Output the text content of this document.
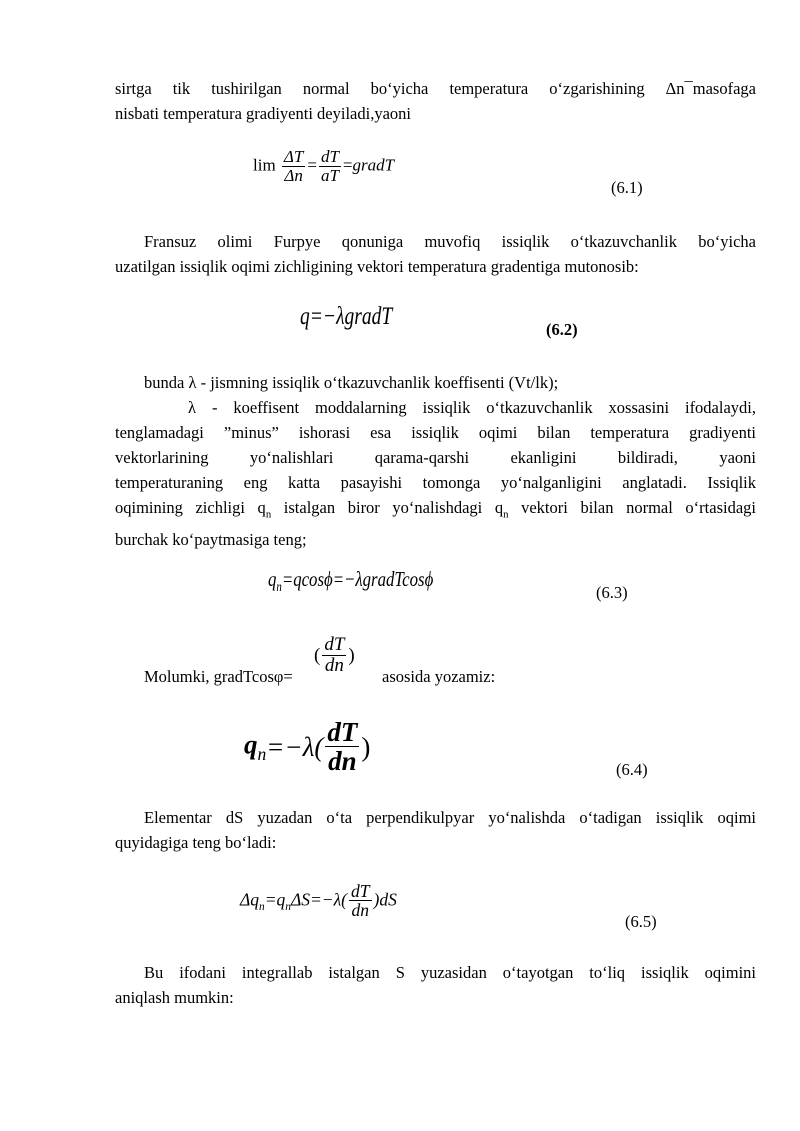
sirtga tik tushirilgan normal bo‘yicha temperatura o‘zgarishining Δn¯masofaga
nisbati temperatura gradiyenti deyiladi,yaoni
$\lim \frac{\Delta T}{\Delta n} = \frac{dT}{aT}$ =gradT
(6.1)
Fransuz olimi Furpye qonuniga muvofiq issiqlik o‘tkazuvchanlik bo‘yicha
uzatilgan issiqlik oqimi zichligining vektori temperatura gradentiga mutonosib:
q=−λgradT	(6.2)
bunda λ - jismning issiqlik o‘tkazuvchanlik koeffisenti (Vt/lk);
λ - koeffisent moddalarning issiqlik o‘tkazuvchanlik xossasini ifodalaydi,
tenglamadagi ”minus” ishorasi esa issiqlik oqimi bilan temperatura gradiyenti
vektorlarining yo‘nalishlari qarama-qarshi ekanligini bildiradi, yaoni
temperaturaning eng katta pasayishi tomonga yo‘nalganligini anglatadi. Issiqlik
oqimining zichligi $q_n$ istalgan biror yo‘nalishdagi $q_n$ vektori bilan normal o‘rtasidagi
burchak ko‘paytmasiga teng;
$q_n=qcos\phi=-\lambda gradTcos\phi$
(6.3)
Molumki, gradTcosφ=
( $\frac{dT}{dn}$ )
asosida yozamiz:
$q_n=-\lambda( \frac{dT}{dn}$ )
(6.4)
Elementar dS yuzadan o‘ta perpendikulpyar yo‘nalishda o‘tadigan issiqlik oqimi
quyidagiga teng bo‘ladi:
$\Delta q_n=q_n\Delta S=-\lambda( \frac{dT}{dn} )dS$
(6.5)
Bu ifodani integrallab istalgan S yuzasidan o‘tayotgan to‘liq issiqlik oqimini
aniqlash mumkin:
